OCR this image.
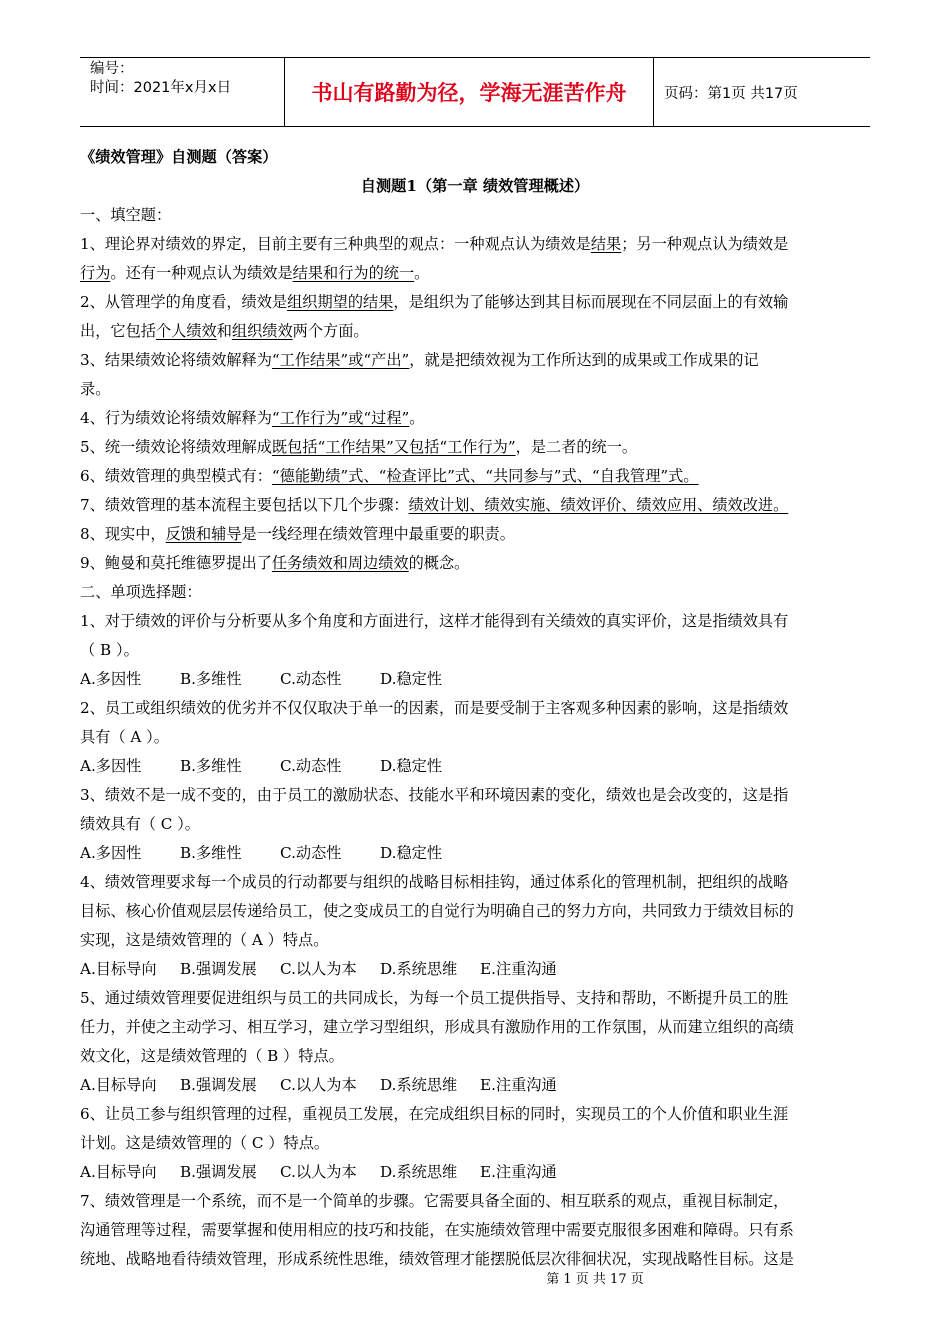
编号：
时间：2021年x月x日	书山有路勤为径，学海无涯苦作舟	页码：第1页 共17页
《绩效管理》自测题（答案）
自测题1（第一章 绩效管理概述）
一、填空题：
1、理论界对绩效的界定，目前主要有三种典型的观点：一种观点认为绩效是结果；另一种观点认为绩效是
行为。还有一种观点认为绩效是结果和行为的统一。
2、从管理学的角度看，绩效是组织期望的结果，是组织为了能够达到其目标而展现在不同层面上的有效输
出，它包括个人绩效和组织绩效两个方面。
3、结果绩效论将绩效解释为“工作结果”或“产出”，就是把绩效视为工作所达到的成果或工作成果的记
录。
4、行为绩效论将绩效解释为“工作行为”或“过程”。
5、统一绩效论将绩效理解成既包括“工作结果”又包括“工作行为”，是二者的统一。
6、绩效管理的典型模式有：“德能勤绩”式、“检查评比”式、“共同参与”式、“自我管理”式。
7、绩效管理的基本流程主要包括以下几个步骤：绩效计划、绩效实施、绩效评价、绩效应用、绩效改进。
8、现实中，反馈和辅导是一线经理在绩效管理中最重要的职责。
9、鲍曼和莫托维德罗提出了任务绩效和周边绩效的概念。
二、单项选择题：
1、对于绩效的评价与分析要从多个角度和方面进行，这样才能得到有关绩效的真实评价，这是指绩效具有
（ B ）。
A.多因性	B.多维性	C.动态性	D.稳定性
2、员工或组织绩效的优劣并不仅仅取决于单一的因素，而是要受制于主客观多种因素的影响，这是指绩效
具有（ A ）。
A.多因性	B.多维性	C.动态性	D.稳定性
3、绩效不是一成不变的，由于员工的激励状态、技能水平和环境因素的变化，绩效也是会改变的，这是指
绩效具有（ C ）。
A.多因性	B.多维性	C.动态性	D.稳定性
4、绩效管理要求每一个成员的行动都要与组织的战略目标相挂钩，通过体系化的管理机制，把组织的战略
目标、核心价值观层层传递给员工，使之变成员工的自觉行为明确自己的努力方向，共同致力于绩效目标的
实现，这是绩效管理的（ A ）特点。
A.目标导向 B.强调发展 C.以人为本 D.系统思维 E.注重沟通
5、通过绩效管理要促进组织与员工的共同成长，为每一个员工提供指导、支持和帮助，不断提升员工的胜
任力，并使之主动学习、相互学习，建立学习型组织，形成具有激励作用的工作氛围，从而建立组织的高绩
效文化，这是绩效管理的（ B ）特点。
A.目标导向 B.强调发展 C.以人为本 D.系统思维 E.注重沟通
6、让员工参与组织管理的过程，重视员工发展，在完成组织目标的同时，实现员工的个人价值和职业生涯
计划。这是绩效管理的（ C ）特点。
A.目标导向 B.强调发展 C.以人为本 D.系统思维 E.注重沟通
7、绩效管理是一个系统，而不是一个简单的步骤。它需要具备全面的、相互联系的观点，重视目标制定，
沟通管理等过程，需要掌握和使用相应的技巧和技能，在实施绩效管理中需要克服很多困难和障碍。只有系
统地、战略地看待绩效管理，形成系统性思维，绩效管理才能摆脱低层次徘徊状况，实现战略性目标。这是
第 1 页 共 17 页
